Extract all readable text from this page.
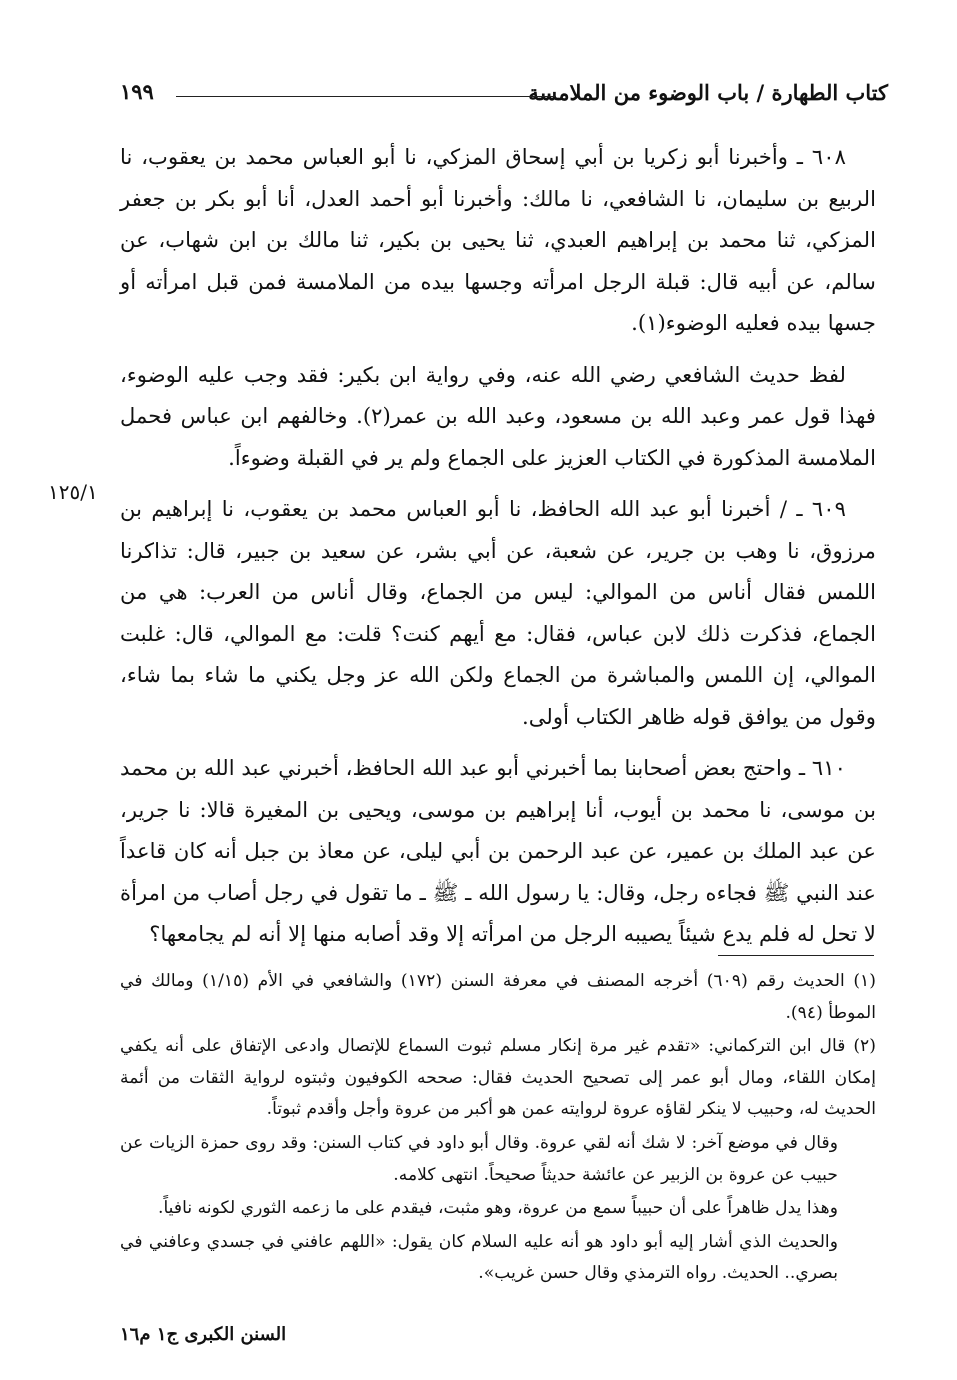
كتاب الطهارة / باب الوضوء من الملامسة
١٩٩
١٢٥/١

٦٠٨ ـ وأخبرنا أبو زكريا بن أبي إسحاق المزكي، نا أبو العباس محمد بن يعقوب، نا الربيع بن سليمان، نا الشافعي، نا مالك: وأخبرنا أبو أحمد العدل، أنا أبو بكر بن جعفر المزكي، ثنا محمد بن إبراهيم العبدي، ثنا يحيى بن بكير، ثنا مالك بن ابن شهاب، عن سالم، عن أبيه قال: قبلة الرجل امرأته وجسها بيده من الملامسة فمن قبل امرأته أو جسها بيده فعليه الوضوء(١).

لفظ حديث الشافعي رضي الله عنه، وفي رواية ابن بكير: فقد وجب عليه الوضوء، فهذا قول عمر وعبد الله بن مسعود، وعبد الله بن عمر(٢). وخالفهم ابن عباس فحمل الملامسة المذكورة في الكتاب العزيز على الجماع ولم ير في القبلة وضوءاً.

٦٠٩ ـ / أخبرنا أبو عبد الله الحافظ، نا أبو العباس محمد بن يعقوب، نا إبراهيم بن مرزوق، نا وهب بن جرير، عن شعبة، عن أبي بشر، عن سعيد بن جبير، قال: تذاكرنا اللمس فقال أناس من الموالي: ليس من الجماع، وقال أناس من العرب: هي من الجماع، فذكرت ذلك لابن عباس، فقال: مع أيهم كنت؟ قلت: مع الموالي، قال: غلبت الموالي، إن اللمس والمباشرة من الجماع ولكن الله عز وجل يكني ما شاء بما شاء، وقول من يوافق قوله ظاهر الكتاب أولى.

٦١٠ ـ واحتج بعض أصحابنا بما أخبرني أبو عبد الله الحافظ، أخبرني عبد الله بن محمد بن موسى، نا محمد بن أيوب، أنا إبراهيم بن موسى، ويحيى بن المغيرة قالا: نا جرير، عن عبد الملك بن عمير، عن عبد الرحمن بن أبي ليلى، عن معاذ بن جبل أنه كان قاعداً عند النبي ﷺ فجاءه رجل، وقال: يا رسول الله ـ ﷺ ـ ما تقول في رجل أصاب من امرأة لا تحل له فلم يدع شيئاً يصيبه الرجل من امرأته إلا وقد أصابه منها إلا أنه لم يجامعها؟

(١) الحديث رقم (٦٠٩) أخرجه المصنف في معرفة السنن (١٧٢) والشافعي في الأم (١/١٥) ومالك في الموطأ (٩٤).

(٢) قال ابن التركماني: «تقدم غير مرة إنكار مسلم ثبوت السماع للإتصال وادعى الإتفاق على أنه يكفي إمكان اللقاء، ومال أبو عمر إلى تصحيح الحديث فقال: صححه الكوفيون وثبتوه لرواية الثقات من أئمة الحديث له، وحبيب لا ينكر لقاؤه عروة لروايته عمن هو أكبر من عروة وأجل وأقدم ثبوتاً.

وقال في موضع آخر: لا شك أنه لقي عروة. وقال أبو داود في كتاب السنن: وقد روى حمزة الزيات عن حبيب عن عروة بن الزبير عن عائشة حديثاً صحيحاً. انتهى كلامه.

وهذا يدل ظاهراً على أن حبيباً سمع من عروة، وهو مثبت، فيقدم على ما زعمه الثوري لكونه نافياً.

والحديث الذي أشار إليه أبو داود هو أنه عليه السلام كان يقول: «اللهم عافني في جسدي وعافني في بصري.. الحديث. رواه الترمذي وقال حسن غريب».

السنن الكبرى ج١ م١٦
